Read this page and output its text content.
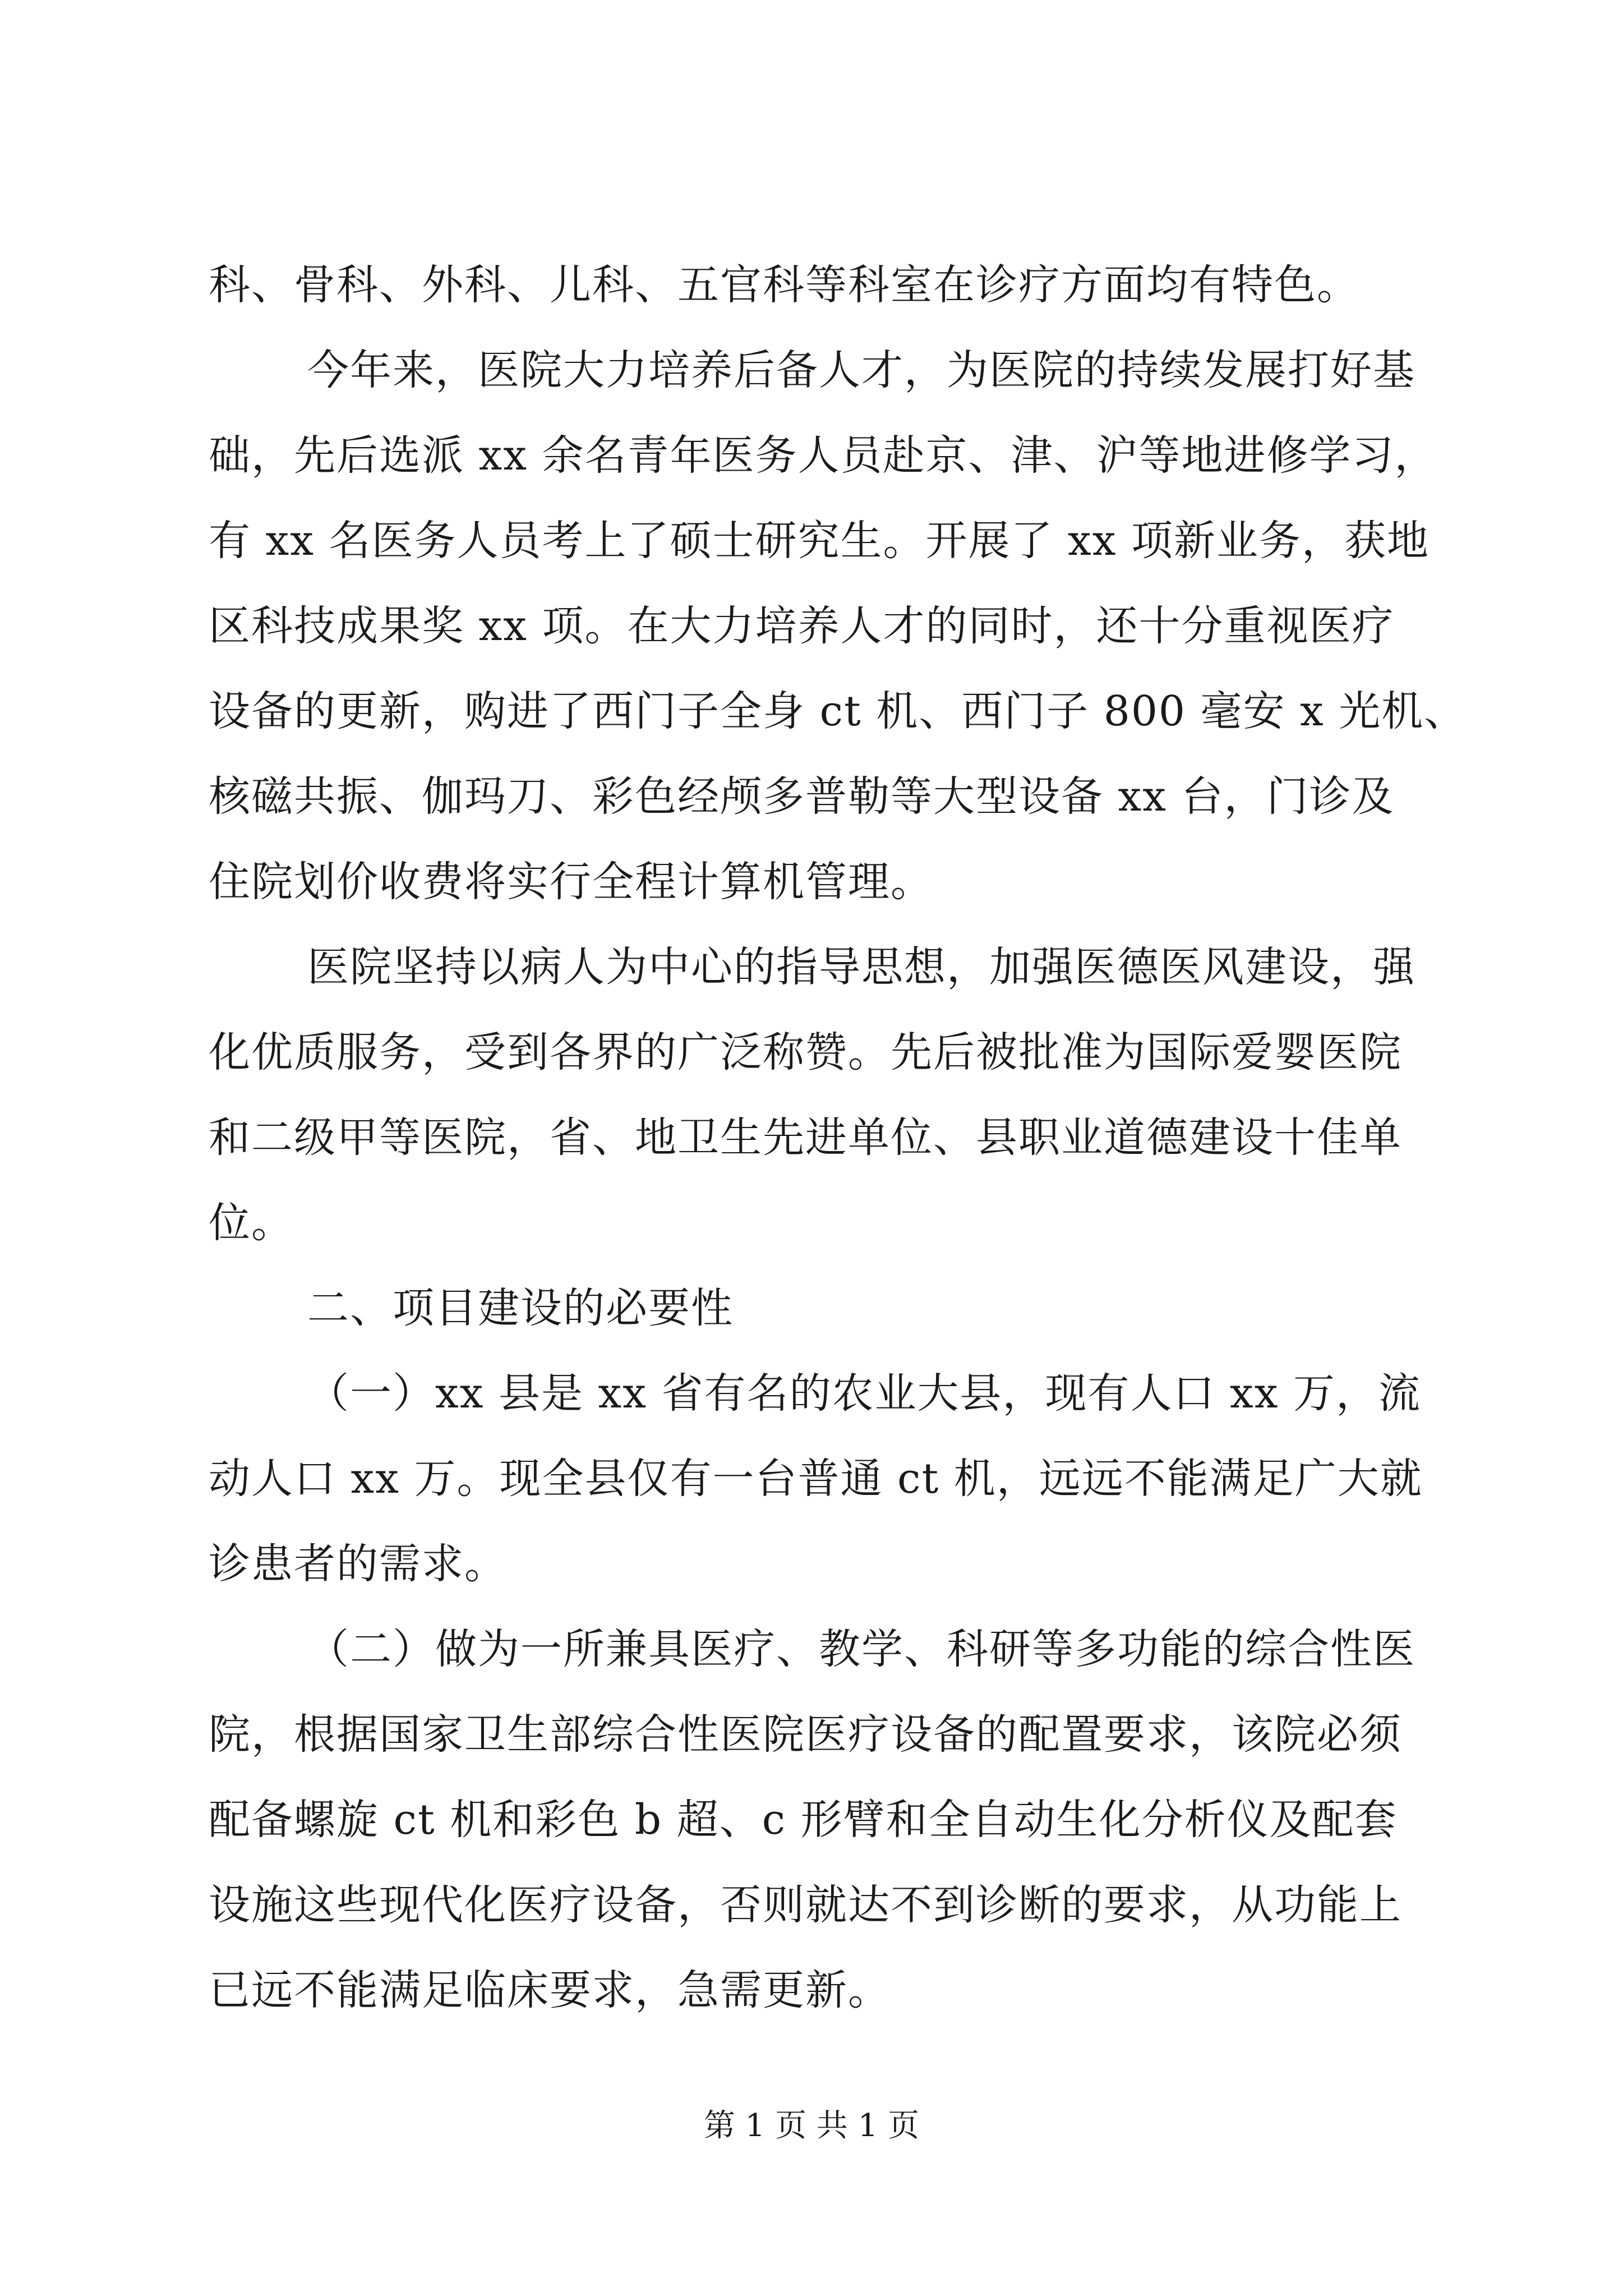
科、骨科、外科、儿科、五官科等科室在诊疗方面均有特色。
今年来，医院大力培养后备人才，为医院的持续发展打好基
础，先后选派 xx 余名青年医务人员赴京、津、沪等地进修学习，
有 xx 名医务人员考上了硕士研究生。开展了 xx 项新业务，获地
区科技成果奖 xx 项。在大力培养人才的同时，还十分重视医疗
设备的更新，购进了西门子全身 ct 机、西门子 800 毫安 x 光机、
核磁共振、伽玛刀、彩色经颅多普勒等大型设备 xx 台，门诊及
住院划价收费将实行全程计算机管理。
医院坚持以病人为中心的指导思想，加强医德医风建设，强
化优质服务，受到各界的广泛称赞。先后被批准为国际爱婴医院
和二级甲等医院，省、地卫生先进单位、县职业道德建设十佳单
位。
二、项目建设的必要性
（一）xx 县是 xx 省有名的农业大县，现有人口 xx 万，流
动人口 xx 万。现全县仅有一台普通 ct 机，远远不能满足广大就
诊患者的需求。
（二）做为一所兼具医疗、教学、科研等多功能的综合性医
院，根据国家卫生部综合性医院医疗设备的配置要求，该院必须
配备螺旋 ct 机和彩色 b 超、c 形臂和全自动生化分析仪及配套
设施这些现代化医疗设备，否则就达不到诊断的要求，从功能上
已远不能满足临床要求，急需更新。
第 1 页 共 1 页
